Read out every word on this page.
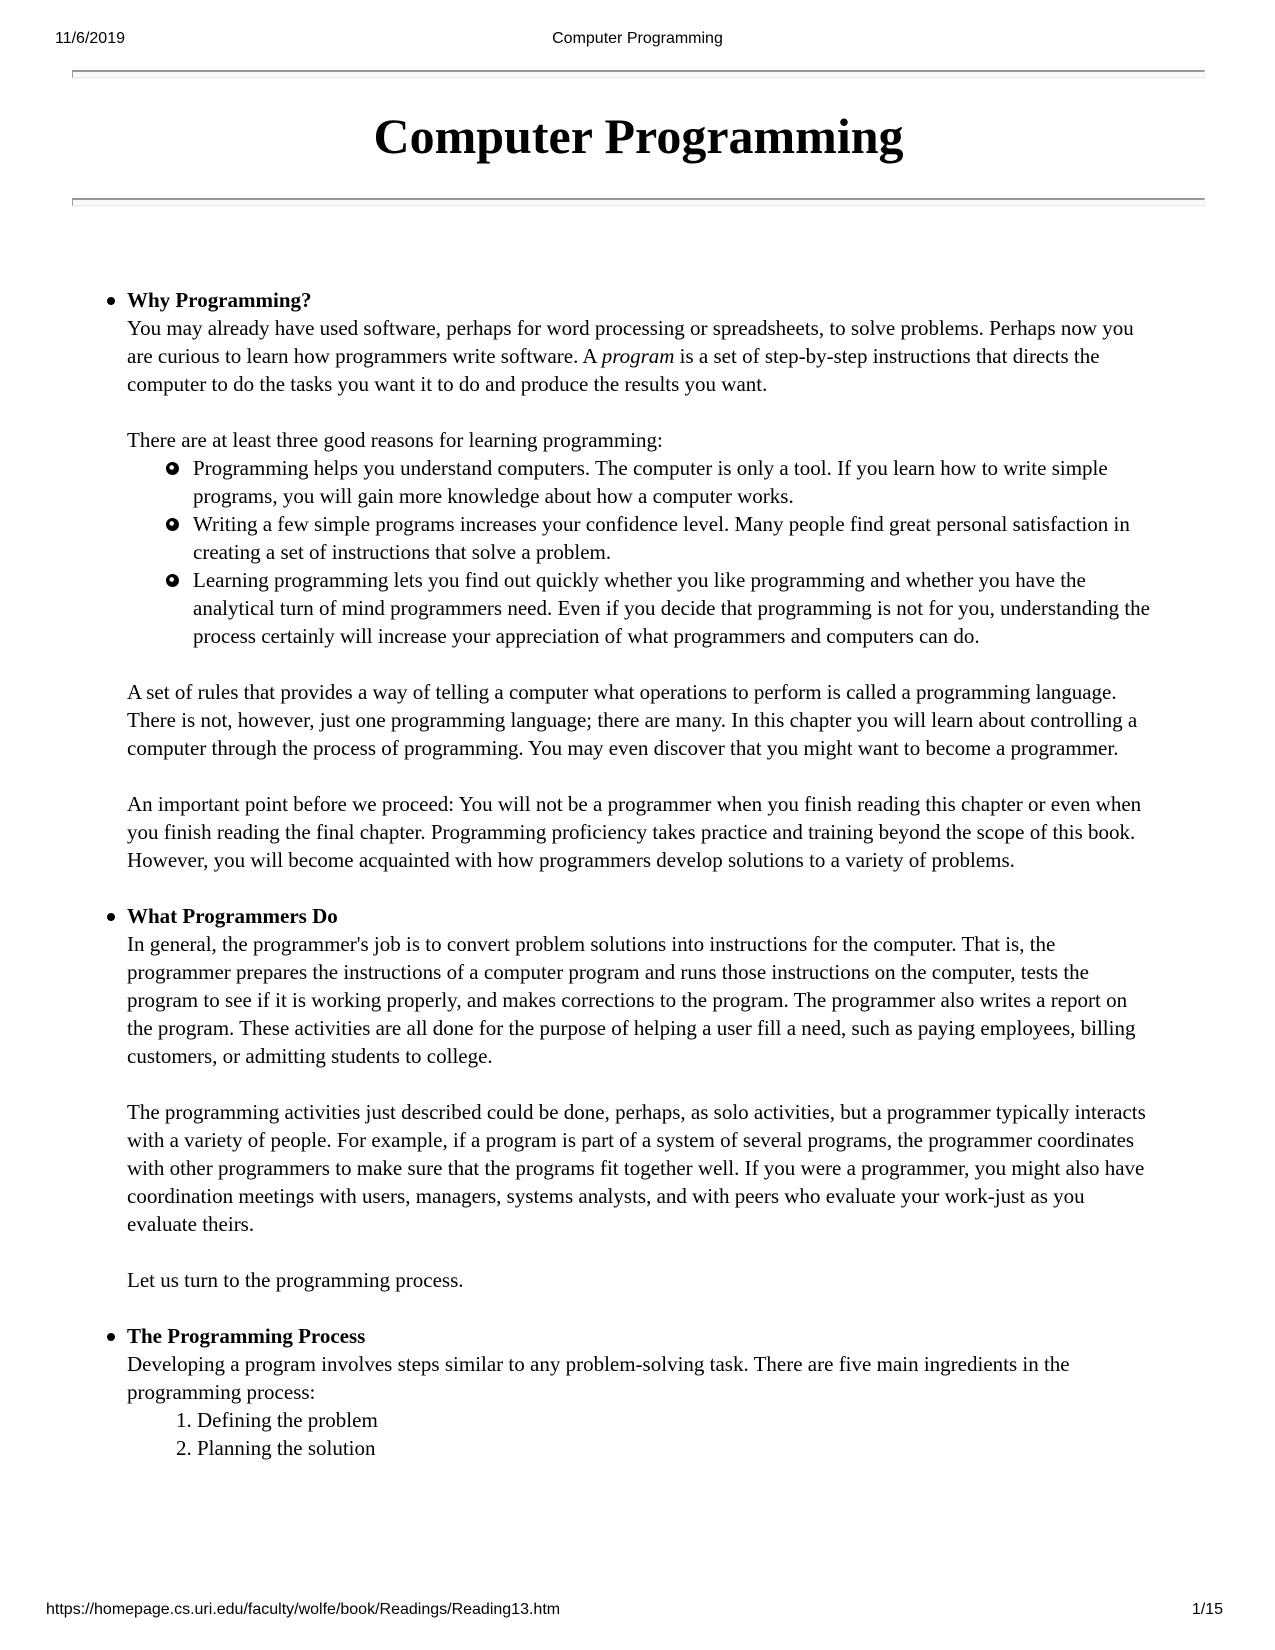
11/6/2019	Computer Programming
Computer Programming

Why Programming?
You may already have used software, perhaps for word processing or spreadsheets, to solve problems. Perhaps now you are curious to learn how programmers write software. A program is a set of step-by-step instructions that directs the computer to do the tasks you want it to do and produce the results you want.

There are at least three good reasons for learning programming:

Programming helps you understand computers. The computer is only a tool. If you learn how to write simple programs, you will gain more knowledge about how a computer works.
Writing a few simple programs increases your confidence level. Many people find great personal satisfaction in creating a set of instructions that solve a problem.
Learning programming lets you find out quickly whether you like programming and whether you have the analytical turn of mind programmers need. Even if you decide that programming is not for you, understanding the process certainly will increase your appreciation of what programmers and computers can do.

A set of rules that provides a way of telling a computer what operations to perform is called a programming language. There is not, however, just one programming language; there are many. In this chapter you will learn about controlling a computer through the process of programming. You may even discover that you might want to become a programmer.

An important point before we proceed: You will not be a programmer when you finish reading this chapter or even when you finish reading the final chapter. Programming proficiency takes practice and training beyond the scope of this book. However, you will become acquainted with how programmers develop solutions to a variety of problems.

What Programmers Do
In general, the programmer's job is to convert problem solutions into instructions for the computer. That is, the programmer prepares the instructions of a computer program and runs those instructions on the computer, tests the program to see if it is working properly, and makes corrections to the program. The programmer also writes a report on the program. These activities are all done for the purpose of helping a user fill a need, such as paying employees, billing customers, or admitting students to college.

The programming activities just described could be done, perhaps, as solo activities, but a programmer typically interacts with a variety of people. For example, if a program is part of a system of several programs, the programmer coordinates with other programmers to make sure that the programs fit together well. If you were a programmer, you might also have coordination meetings with users, managers, systems analysts, and with peers who evaluate your work-just as you evaluate theirs.

Let us turn to the programming process.

The Programming Process
Developing a program involves steps similar to any problem-solving task. There are five main ingredients in the programming process:

1. Defining the problem
2. Planning the solution
https://homepage.cs.uri.edu/faculty/wolfe/book/Readings/Reading13.htm	1/15
